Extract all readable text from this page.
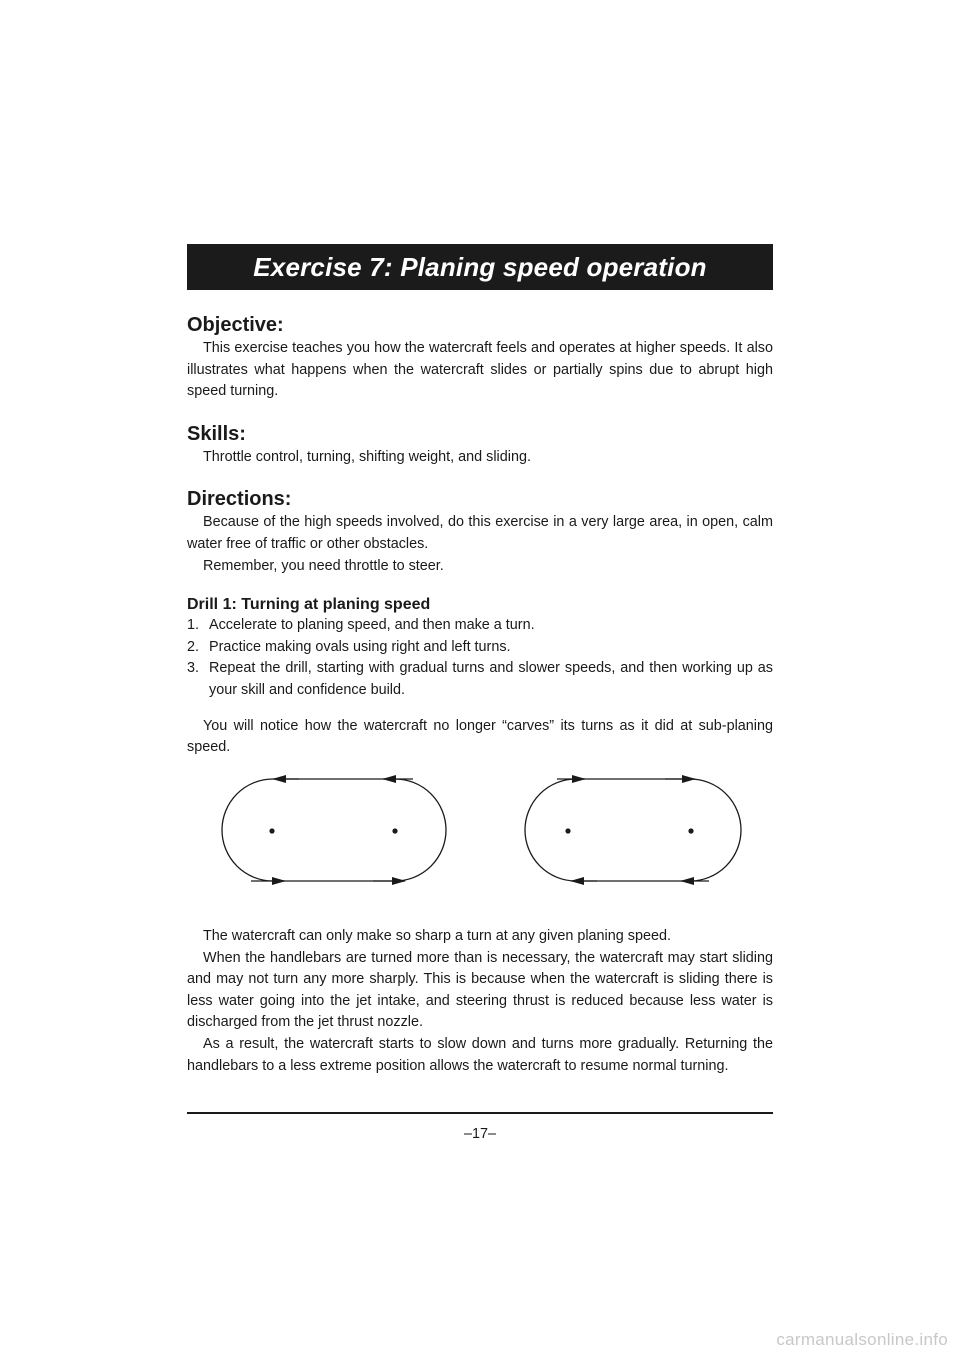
Exercise 7: Planing speed operation
Objective:

This exercise teaches you how the watercraft feels and operates at higher speeds. It also illustrates what happens when the watercraft slides or partially spins due to abrupt high speed turning.

Skills:

Throttle control, turning, shifting weight, and sliding.

Directions:

Because of the high speeds involved, do this exercise in a very large area, in open, calm water free of traffic or other obstacles.

Remember, you need throttle to steer.

Drill 1: Turning at planing speed
1. Accelerate to planing speed, and then make a turn.
2. Practice making ovals using right and left turns.
3. Repeat the drill, starting with gradual turns and slower speeds, and then working up as your skill and confidence build.

You will notice how the watercraft no longer “carves” its turns as it did at sub-planing speed.

The watercraft can only make so sharp a turn at any given planing speed.

When the handlebars are turned more than is necessary, the watercraft may start sliding and may not turn any more sharply. This is because when the watercraft is sliding there is less water going into the jet intake, and steering thrust is reduced because less water is discharged from the jet thrust nozzle.

As a result, the watercraft starts to slow down and turns more gradually. Returning the handlebars to a less extreme position allows the watercraft to resume normal turning.

–17–
carmanualsonline.info
